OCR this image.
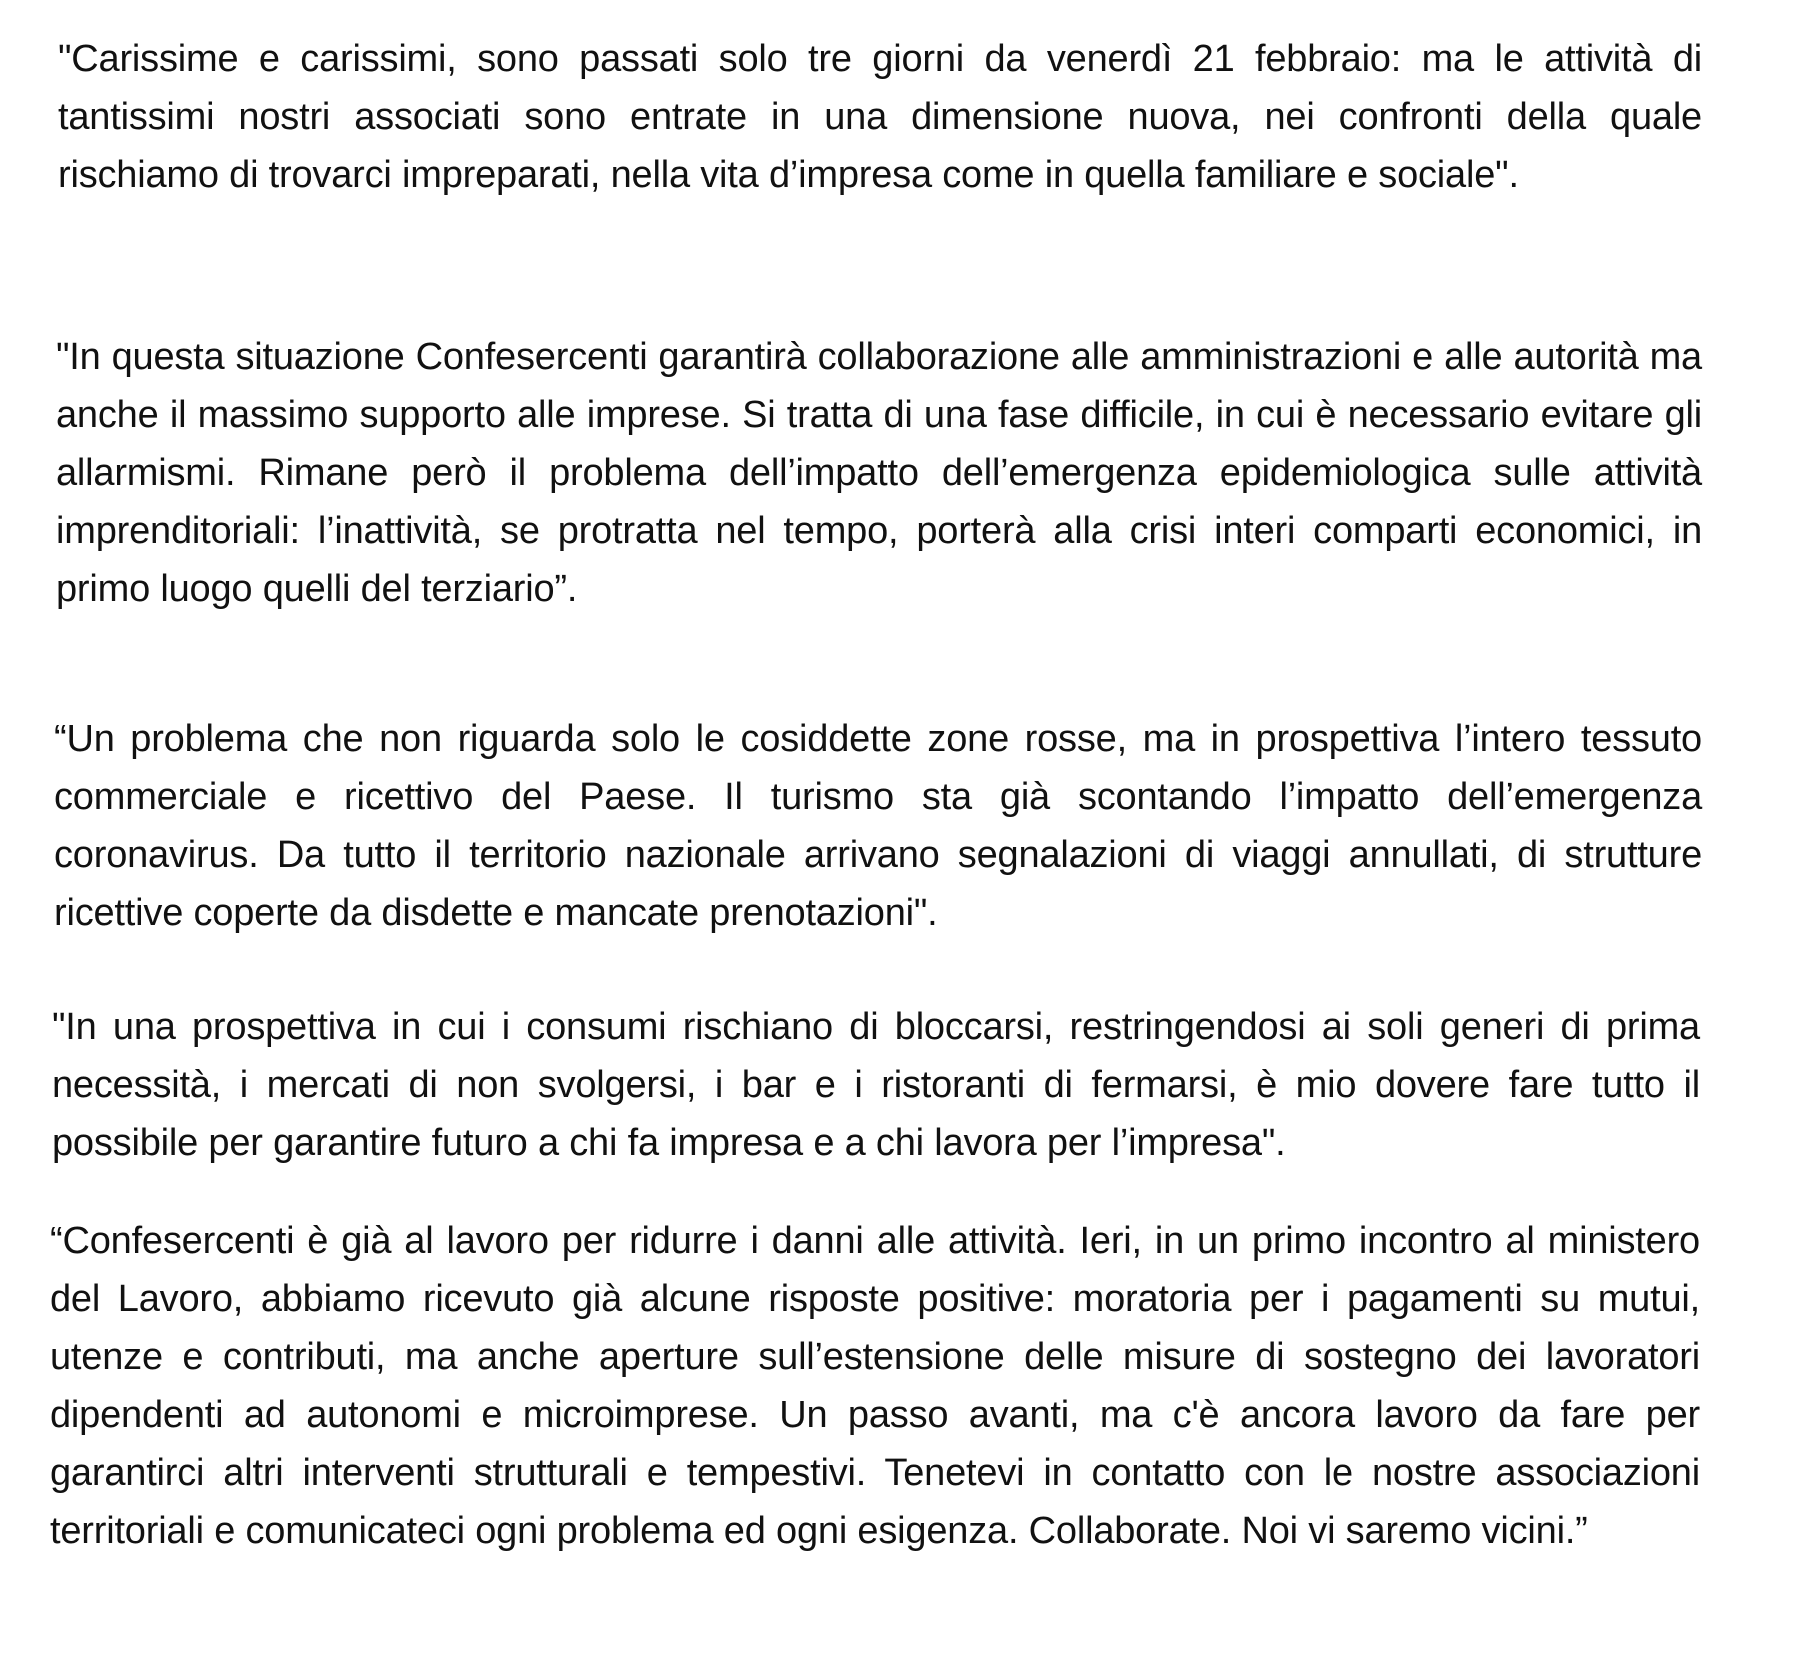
"Carissime e carissimi, sono passati solo tre giorni da venerdì 21 febbraio: ma le attività di tantissimi nostri associati sono entrate in una dimensione nuova, nei confronti della quale rischiamo di trovarci impreparati, nella vita d’impresa come in quella familiare e sociale".

"In questa situazione Confesercenti garantirà collaborazione alle amministrazioni e alle autorità ma anche il massimo supporto alle imprese. Si tratta di una fase difficile, in cui è necessario evitare gli allarmismi. Rimane però il problema dell’impatto dell’emergenza epidemiologica sulle attività imprenditoriali: l’inattività, se protratta nel tempo, porterà alla crisi interi comparti economici, in primo luogo quelli del terziario”.

“Un problema che non riguarda solo le cosiddette zone rosse, ma in prospettiva l’intero tessuto commerciale e ricettivo del Paese. Il turismo sta già scontando l’impatto dell’emergenza coronavirus. Da tutto il territorio nazionale arrivano segnalazioni di viaggi annullati, di strutture ricettive coperte da disdette e mancate prenotazioni".

"In una prospettiva in cui i consumi rischiano di bloccarsi, restringendosi ai soli generi di prima necessità, i mercati di non svolgersi, i bar e i ristoranti di fermarsi, è mio dovere fare tutto il possibile per garantire futuro a chi fa impresa e a chi lavora per l’impresa".

“Confesercenti è già al lavoro per ridurre i danni alle attività. Ieri, in un primo incontro al ministero del Lavoro, abbiamo ricevuto già alcune risposte positive: moratoria per i pagamenti su mutui, utenze e contributi, ma anche aperture sull’estensione delle misure di sostegno dei lavoratori dipendenti ad autonomi e microimprese. Un passo avanti, ma c'è ancora lavoro da fare per garantirci altri interventi strutturali e tempestivi. Tenetevi in contatto con le nostre associazioni territoriali e comunicateci ogni problema ed ogni esigenza. Collaborate. Noi vi saremo vicini.”
